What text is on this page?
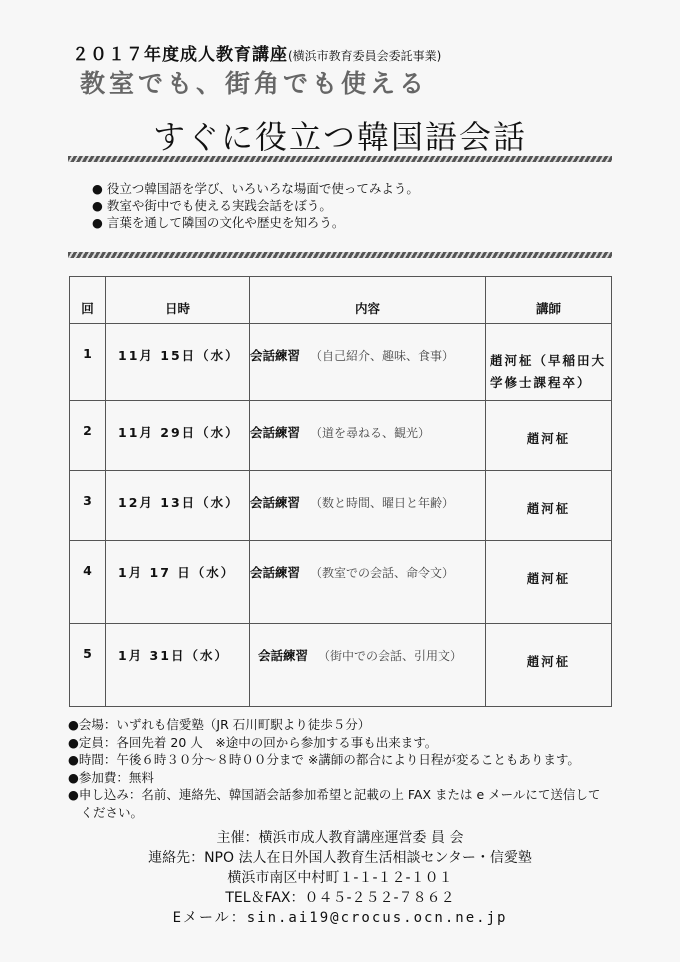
２０１７年度成人教育講座(横浜市教育委員会委託事業)
教室でも、街角でも使える
すぐに役立つ韓国語会話
● 役立つ韓国語を学び、いろいろな場面で使ってみよう。
● 教室や街中でも使える実践会話をぼう。
● 言葉を通して隣国の文化や歴史を知ろう。
回	日時	内容	講師
1	11月 15日（水）	会話練習 （自己紹介、趣味、食事）	趙河柾（早稲田大学修士課程卒）
2	11月 29日（水）	会話練習 （道を尋ねる、観光）	趙河柾
3	12月 13日（水）	会話練習 （数と時間、曜日と年齢）	趙河柾
4	1月 17 日（水）	会話練習 （教室での会話、命令文）	趙河柾
5	1月 31日（水）	会話練習 （街中での会話、引用文）	趙河柾
●会場：いずれも信愛塾（JR 石川町駅より徒歩５分）
●定員：各回先着 20 人　※途中の回から参加する事も出来ます。
●時間：午後６時３０分～８時００分まで ※講師の都合により日程が変ることもあります。
●参加費：無料
●申し込み：名前、連絡先、韓国語会話参加希望と記載の上 FAX または e メールにて送信して
　ください。
主催：横浜市成人教育講座運営委 員 会
連絡先：NPO 法人在日外国人教育生活相談センター・信愛塾
横浜市南区中村町１-１-１２-１０１
TEL＆FAX：０４５-２５２-７８６２
Eメール：sin.ai19@crocus.ocn.ne.jp
